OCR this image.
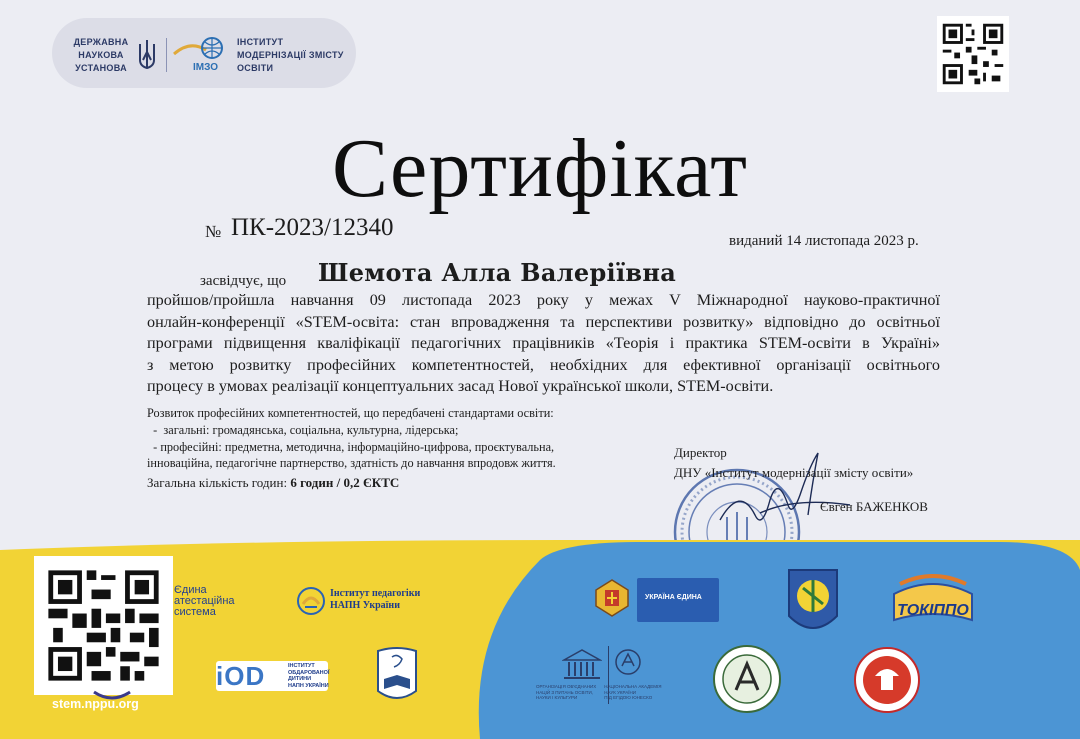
ДЕРЖАВНА
НАУКОВА
УСТАНОВА	ІМЗО
ІНСТИТУТ
МОДЕРНІЗАЦІЇ ЗМІСТУ
ОСВІТИ
Сертифікат
№ ПК-2023/12340	виданий 14 листопада 2023 р.
засвідчує, що Шемота Алла Валеріївна
пройшов/пройшла навчання 09 листопада 2023 року у межах V Міжнародної науково-практичної
онлайн-конференції «STEM-освіта: стан впровадження та перспективи розвитку» відповідно до освітньої
програми підвищення кваліфікації педагогічних працівників «Теорія і практика STEM-освіти в Україні»
з метою розвитку професійних компетентностей, необхідних для ефективної організації освітнього
процесу в умовах реалізації концептуальних засад Нової української школи, STEM-освіти.
Розвиток професійних компетентностей, що передбачені стандартами освіти:
-  загальні: громадянська, соціальна, культурна, лідерська;
- професійні: предметна, методична, інформаційно-цифрова, проєктувальна,
інноваційна, педагогічне партнерство, здатність до навчання впродовж життя.
Загальна кількість годин: 6 годин / 0,2 ЄКТС
Директор
ДНУ «Інститут модернізації змісту освіти»
Євген БАЖЕНКОВ
stem.nppu.org
Єдина
атестаційна
система
Інститут педагогіки
НАПН України
iOD	ІНСТИТУТ
ОБДАРОВАНОЇ
ДИТИНИ
НАПН УКРАЇНИ
УКРАЇНА ЄДИНА
ТОКІППО
ОРГАНІЗАЦІЯ ОБ'ЄДНАНИХ
НАЦІЙ З ПИТАНЬ ОСВІТИ,
НАУКИ І КУЛЬТУРИ
НАЦІОНАЛЬНА АКАДЕМІЯ
НАУК УКРАЇНИ
ПІД ЕГІДОЮ ЮНЕСКО
